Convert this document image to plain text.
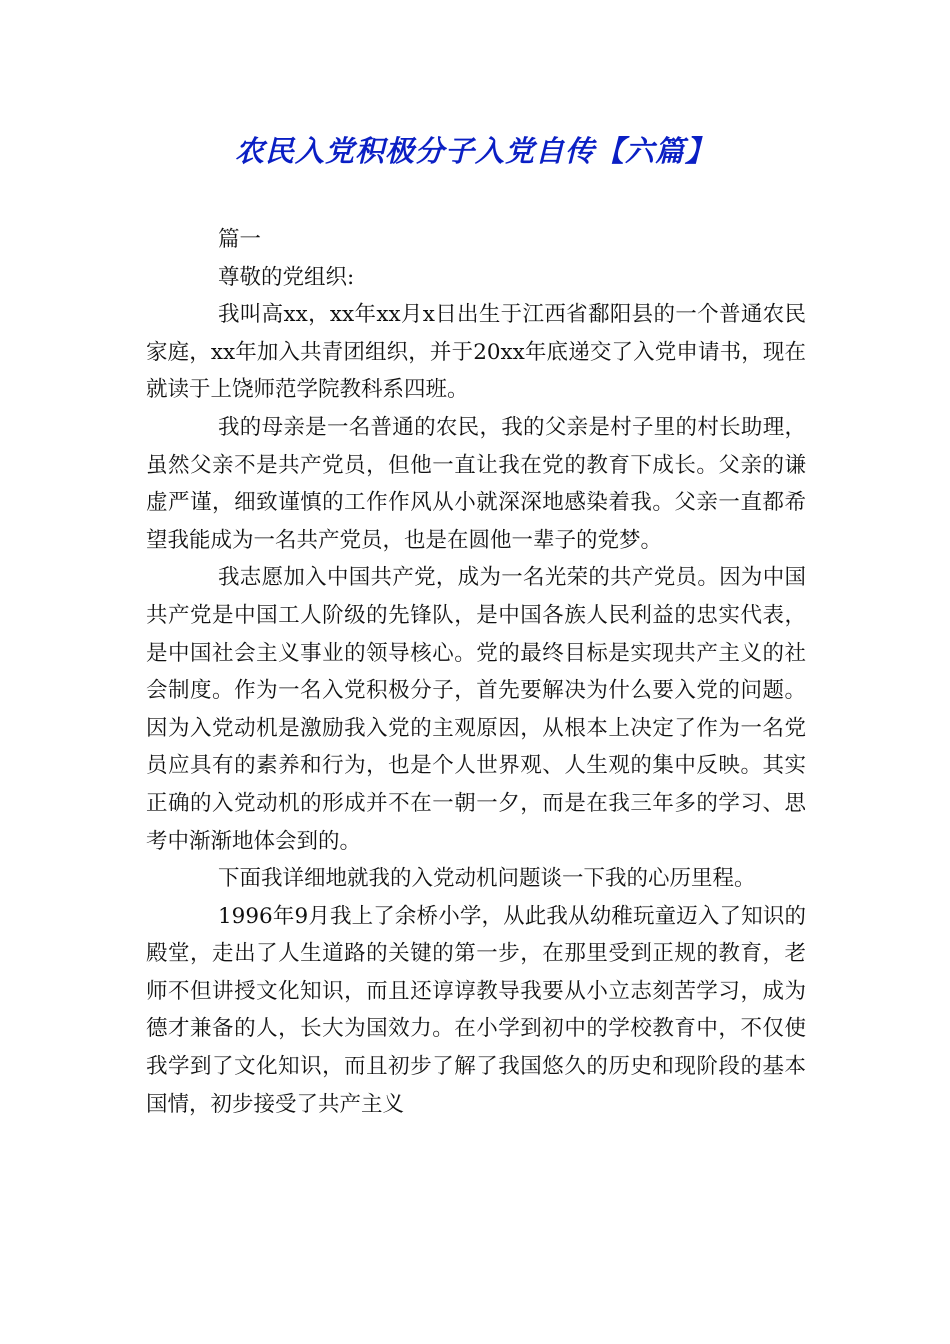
农民入党积极分子入党自传【六篇】

篇一

尊敬的党组织:

我叫高xx，xx年xx月x日出生于江西省鄱阳县的一个普通农民家庭，xx年加入共青团组织，并于20xx年底递交了入党申请书，现在就读于上饶师范学院教科系四班。

我的母亲是一名普通的农民，我的父亲是村子里的村长助理，虽然父亲不是共产党员，但他一直让我在党的教育下成长。父亲的谦虚严谨，细致谨慎的工作作风从小就深深地感染着我。父亲一直都希望我能成为一名共产党员，也是在圆他一辈子的党梦。

我志愿加入中国共产党，成为一名光荣的共产党员。因为中国共产党是中国工人阶级的先锋队，是中国各族人民利益的忠实代表，是中国社会主义事业的领导核心。党的最终目标是实现共产主义的社会制度。作为一名入党积极分子，首先要解决为什么要入党的问题。因为入党动机是激励我入党的主观原因，从根本上决定了作为一名党员应具有的素养和行为，也是个人世界观、人生观的集中反映。其实正确的入党动机的形成并不在一朝一夕，而是在我三年多的学习、思考中渐渐地体会到的。

下面我详细地就我的入党动机问题谈一下我的心历里程。

1996年9月我上了余桥小学，从此我从幼稚玩童迈入了知识的殿堂，走出了人生道路的关键的第一步，在那里受到正规的教育，老师不但讲授文化知识，而且还谆谆教导我要从小立志刻苦学习，成为德才兼备的人，长大为国效力。在小学到初中的学校教育中，不仅使我学到了文化知识，而且初步了解了我国悠久的历史和现阶段的基本国情，初步接受了共产主义
